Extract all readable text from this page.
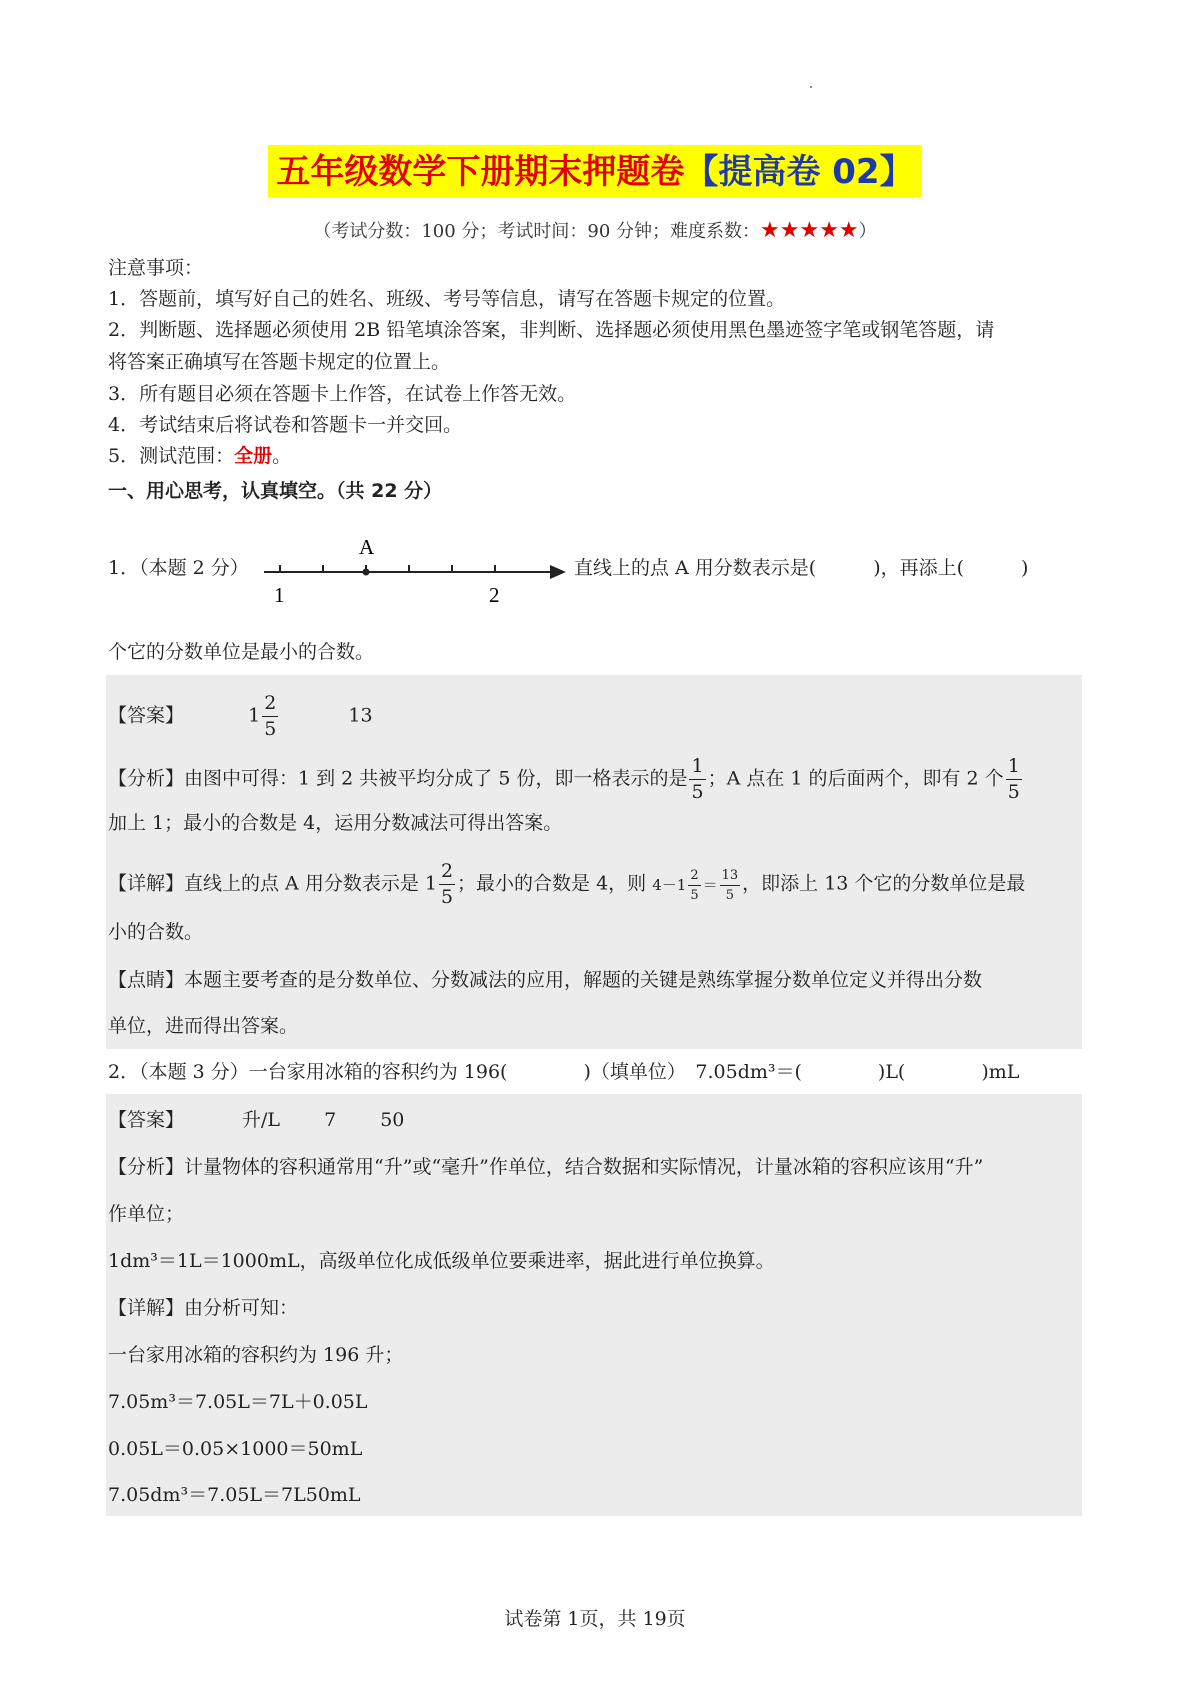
五年级数学下册期末押题卷【提高卷 02】
（考试分数：100 分；考试时间：90 分钟；难度系数：★★★★★）
注意事项：
1．答题前，填写好自己的姓名、班级、考号等信息，请写在答题卡规定的位置。
2．判断题、选择题必须使用 2B 铅笔填涂答案，非判断、选择题必须使用黑色墨迹签字笔或钢笔答题，请
将答案正确填写在答题卡规定的位置上。
3．所有题目必须在答题卡上作答，在试卷上作答无效。
4．考试结束后将试卷和答题卡一并交回。
5．测试范围：全册。
一、用心思考，认真填空。（共 22 分）
1．（本题 2 分）
A
1	2
直线上的点 A 用分数表示是(　　　)，再添上(　　　)
个它的分数单位是最小的合数。
【答案】	$1 \frac{2}{5}$	13
【分析】由图中可得：1 到 2 共被平均分成了 5 份，即一格表示的是 $\frac{1}{5}$ ；A 点在 1 的后面两个，即有 2 个 $\frac{1}{5}$
加上 1；最小的合数是 4，运用分数减法可得出答案。
【详解】直线上的点 A 用分数表示是 $1 \frac{2}{5}$ ；最小的合数是 4，则 $4-1 \frac{2}{5} = \frac{13}{5}$ ，即添上 13 个它的分数单位是最
小的合数。
【点睛】本题主要考查的是分数单位、分数减法的应用，解题的关键是熟练掌握分数单位定义并得出分数
单位，进而得出答案。
2．（本题 3 分）一台家用冰箱的容积约为 196(　　　　)（填单位）　7.05dm³＝(　　　　)L(　　　　)mL
【答案】	升/L　　 7　　 50
【分析】计量物体的容积通常用“升”或“毫升”作单位，结合数据和实际情况，计量冰箱的容积应该用“升”
作单位；
1dm³＝1L＝1000mL，高级单位化成低级单位要乘进率，据此进行单位换算。
【详解】由分析可知：
一台家用冰箱的容积约为 196 升；
7.05m³＝7.05L＝7L＋0.05L
0.05L＝0.05×1000＝50mL
7.05dm³＝7.05L＝7L50mL
试卷第 1页，共 19页
